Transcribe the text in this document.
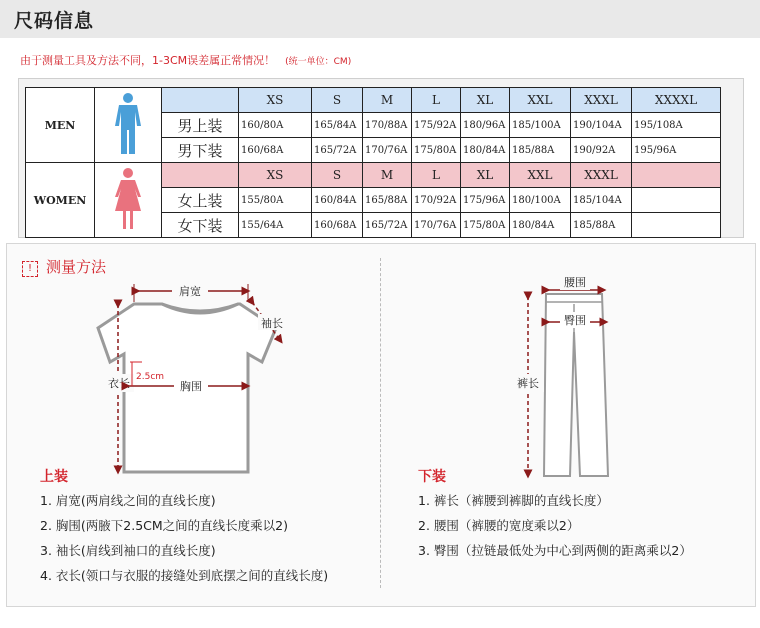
尺码信息
由于测量工具及方法不同，1-3CM误差属正常情况！ (统一单位：CM)
MEN			XS	S	M	L	XL	XXL	XXXL	XXXXL
		男上装	160/80A	165/84A	170/88A	175/92A	180/96A	185/100A	190/104A	195/108A
		男下装	160/68A	165/72A	170/76A	175/80A	180/84A	185/88A	190/92A	195/96A
WOMEN			XS	S	M	L	XL	XXL	XXXL	
		女上装	155/80A	160/84A	165/88A	170/92A	175/96A	180/100A	185/104A	
		女下装	155/64A	160/68A	165/72A	170/76A	175/80A	180/84A	185/88A	
! 测量方法
肩宽
袖长
衣长	胸围
2.5cm
腰围
臀围
裤长
上装
1. 肩宽(两肩线之间的直线长度)
2. 胸围(两腋下2.5CM之间的直线长度乘以2)
3. 袖长(肩线到袖口的直线长度)
4. 衣长(领口与衣服的接缝处到底摆之间的直线长度)
下装
1. 裤长（裤腰到裤脚的直线长度）
2. 腰围（裤腰的宽度乘以2）
3. 臀围（拉链最低处为中心到两侧的距离乘以2）
